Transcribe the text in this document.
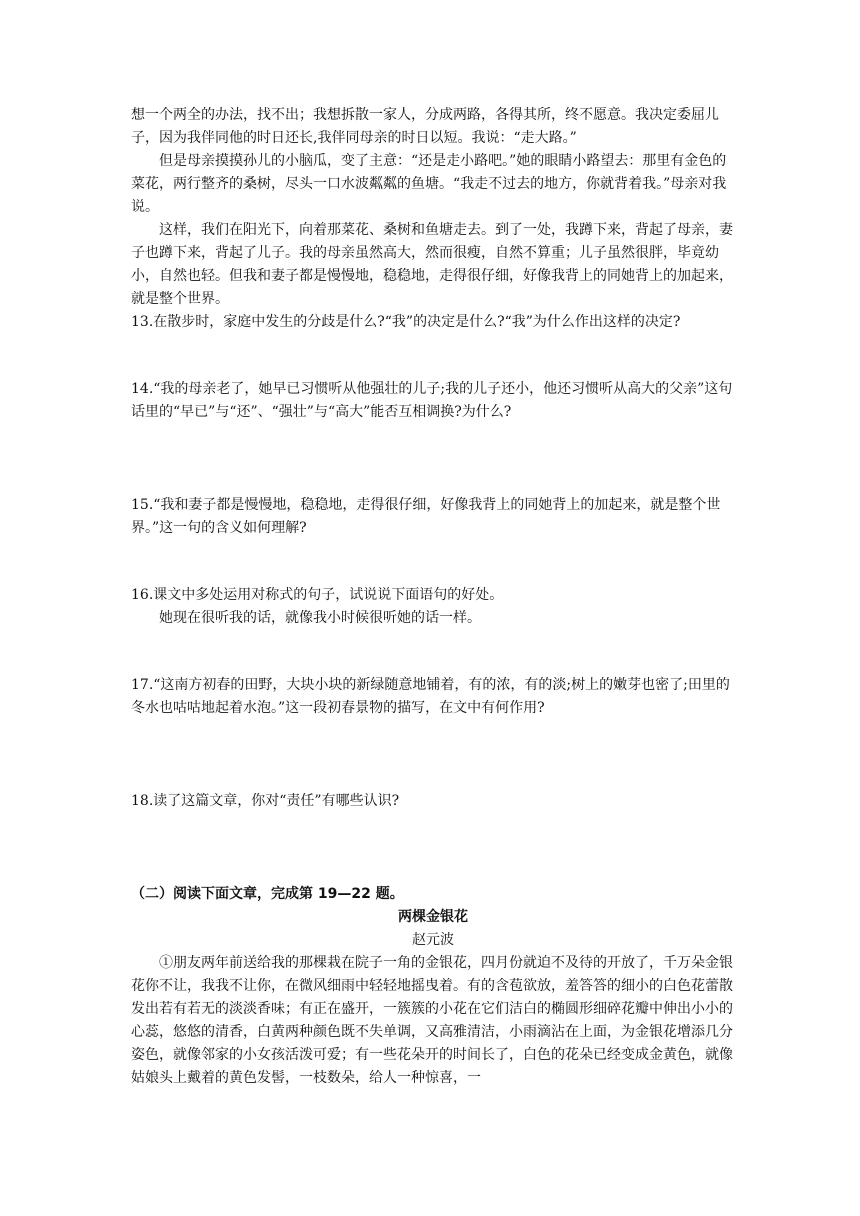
想一个两全的办法，找不出；我想拆散一家人，分成两路，各得其所，终不愿意。我决定委屈儿子，因为我伴同他的时日还长,我伴同母亲的时日以短。我说：“走大路。”

但是母亲摸摸孙儿的小脑瓜，变了主意：“还是走小路吧。”她的眼睛小路望去：那里有金色的菜花，两行整齐的桑树，尽头一口水波粼粼的鱼塘。“我走不过去的地方，你就背着我。”母亲对我说。

这样，我们在阳光下，向着那菜花、桑树和鱼塘走去。到了一处，我蹲下来，背起了母亲，妻子也蹲下来，背起了儿子。我的母亲虽然高大，然而很瘦，自然不算重；儿子虽然很胖，毕竟幼小，自然也轻。但我和妻子都是慢慢地，稳稳地，走得很仔细，好像我背上的同她背上的加起来，就是整个世界。

13.在散步时，家庭中发生的分歧是什么?“我”的决定是什么?“我”为什么作出这样的决定?

14.“我的母亲老了，她早已习惯听从他强壮的儿子;我的儿子还小，他还习惯听从高大的父亲”这句话里的“早已”与“还”、“强壮”与“高大”能否互相调换?为什么?

15.“我和妻子都是慢慢地，稳稳地，走得很仔细，好像我背上的同她背上的加起来，就是整个世界。”这一句的含义如何理解?

16.课文中多处运用对称式的句子，试说说下面语句的好处。

她现在很听我的话，就像我小时候很听她的话一样。

17.“这南方初春的田野，大块小块的新绿随意地铺着，有的浓，有的淡;树上的嫩芽也密了;田里的冬水也咕咕地起着水泡。”这一段初春景物的描写，在文中有何作用?

18.读了这篇文章，你对“责任”有哪些认识?

（二）阅读下面文章，完成第 19—22 题。

两棵金银花

赵元波

①朋友两年前送给我的那棵栽在院子一角的金银花，四月份就迫不及待的开放了，千万朵金银花你不让，我我不让你，在微风细雨中轻轻地摇曳着。有的含苞欲放，羞答答的细小的白色花蕾散发出若有若无的淡淡香味；有正在盛开，一簇簇的小花在它们洁白的椭圆形细碎花瓣中伸出小小的心蕊，悠悠的清香，白黄两种颜色既不失单调，又高雅清洁，小雨滴沾在上面，为金银花增添几分姿色，就像邻家的小女孩活泼可爱；有一些花朵开的时间长了，白色的花朵已经变成金黄色，就像姑娘头上戴着的黄色发髻，一枝数朵，给人一种惊喜，一
